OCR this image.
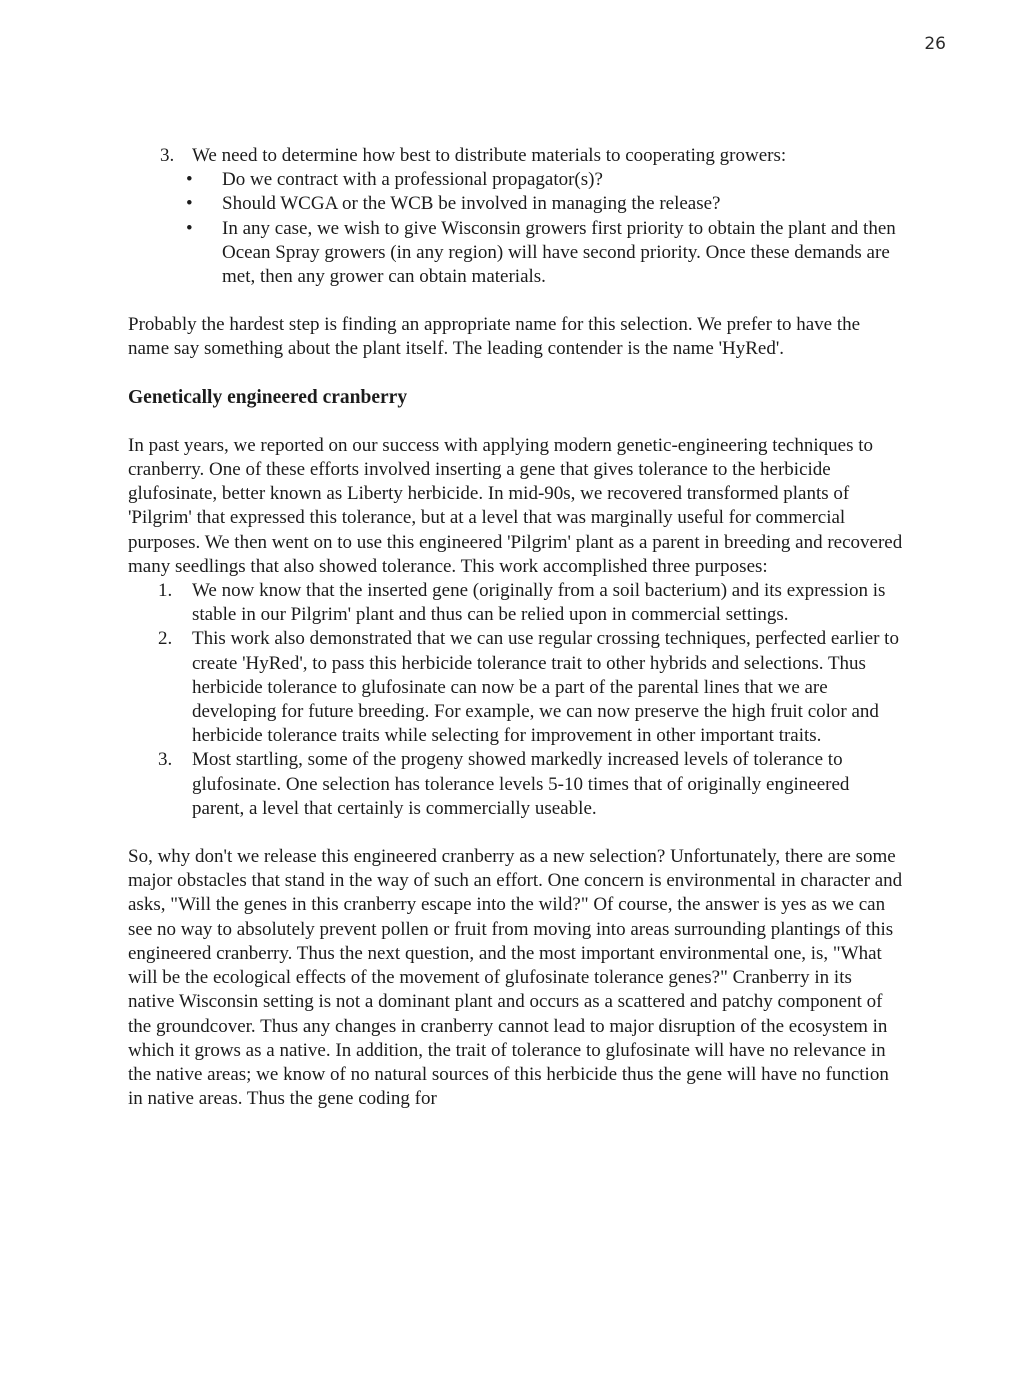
26
3. We need to determine how best to distribute materials to cooperating growers:
• Do we contract with a professional propagator(s)?
• Should WCGA or the WCB be involved in managing the release?
• In any case, we wish to give Wisconsin growers first priority to obtain the plant and then Ocean Spray growers (in any region) will have second priority. Once these demands are met, then any grower can obtain materials.

Probably the hardest step is finding an appropriate name for this selection. We prefer to have the name say something about the plant itself. The leading contender is the name 'HyRed'.

Genetically engineered cranberry

In past years, we reported on our success with applying modern genetic-engineering techniques to cranberry. One of these efforts involved inserting a gene that gives tolerance to the herbicide glufosinate, better known as Liberty herbicide. In mid-90s, we recovered transformed plants of 'Pilgrim' that expressed this tolerance, but at a level that was marginally useful for commercial purposes. We then went on to use this engineered 'Pilgrim' plant as a parent in breeding and recovered many seedlings that also showed tolerance. This work accomplished three purposes:

1. We now know that the inserted gene (originally from a soil bacterium) and its expression is stable in our Pilgrim' plant and thus can be relied upon in commercial settings.
2. This work also demonstrated that we can use regular crossing techniques, perfected earlier to create 'HyRed', to pass this herbicide tolerance trait to other hybrids and selections. Thus herbicide tolerance to glufosinate can now be a part of the parental lines that we are developing for future breeding. For example, we can now preserve the high fruit color and herbicide tolerance traits while selecting for improvement in other important traits.
3. Most startling, some of the progeny showed markedly increased levels of tolerance to glufosinate. One selection has tolerance levels 5-10 times that of originally engineered parent, a level that certainly is commercially useable.

So, why don't we release this engineered cranberry as a new selection? Unfortunately, there are some major obstacles that stand in the way of such an effort. One concern is environmental in character and asks, "Will the genes in this cranberry escape into the wild?" Of course, the answer is yes as we can see no way to absolutely prevent pollen or fruit from moving into areas surrounding plantings of this engineered cranberry. Thus the next question, and the most important environmental one, is, "What will be the ecological effects of the movement of glufosinate tolerance genes?" Cranberry in its native Wisconsin setting is not a dominant plant and occurs as a scattered and patchy component of the groundcover. Thus any changes in cranberry cannot lead to major disruption of the ecosystem in which it grows as a native. In addition, the trait of tolerance to glufosinate will have no relevance in the native areas; we know of no natural sources of this herbicide thus the gene will have no function in native areas. Thus the gene coding for
